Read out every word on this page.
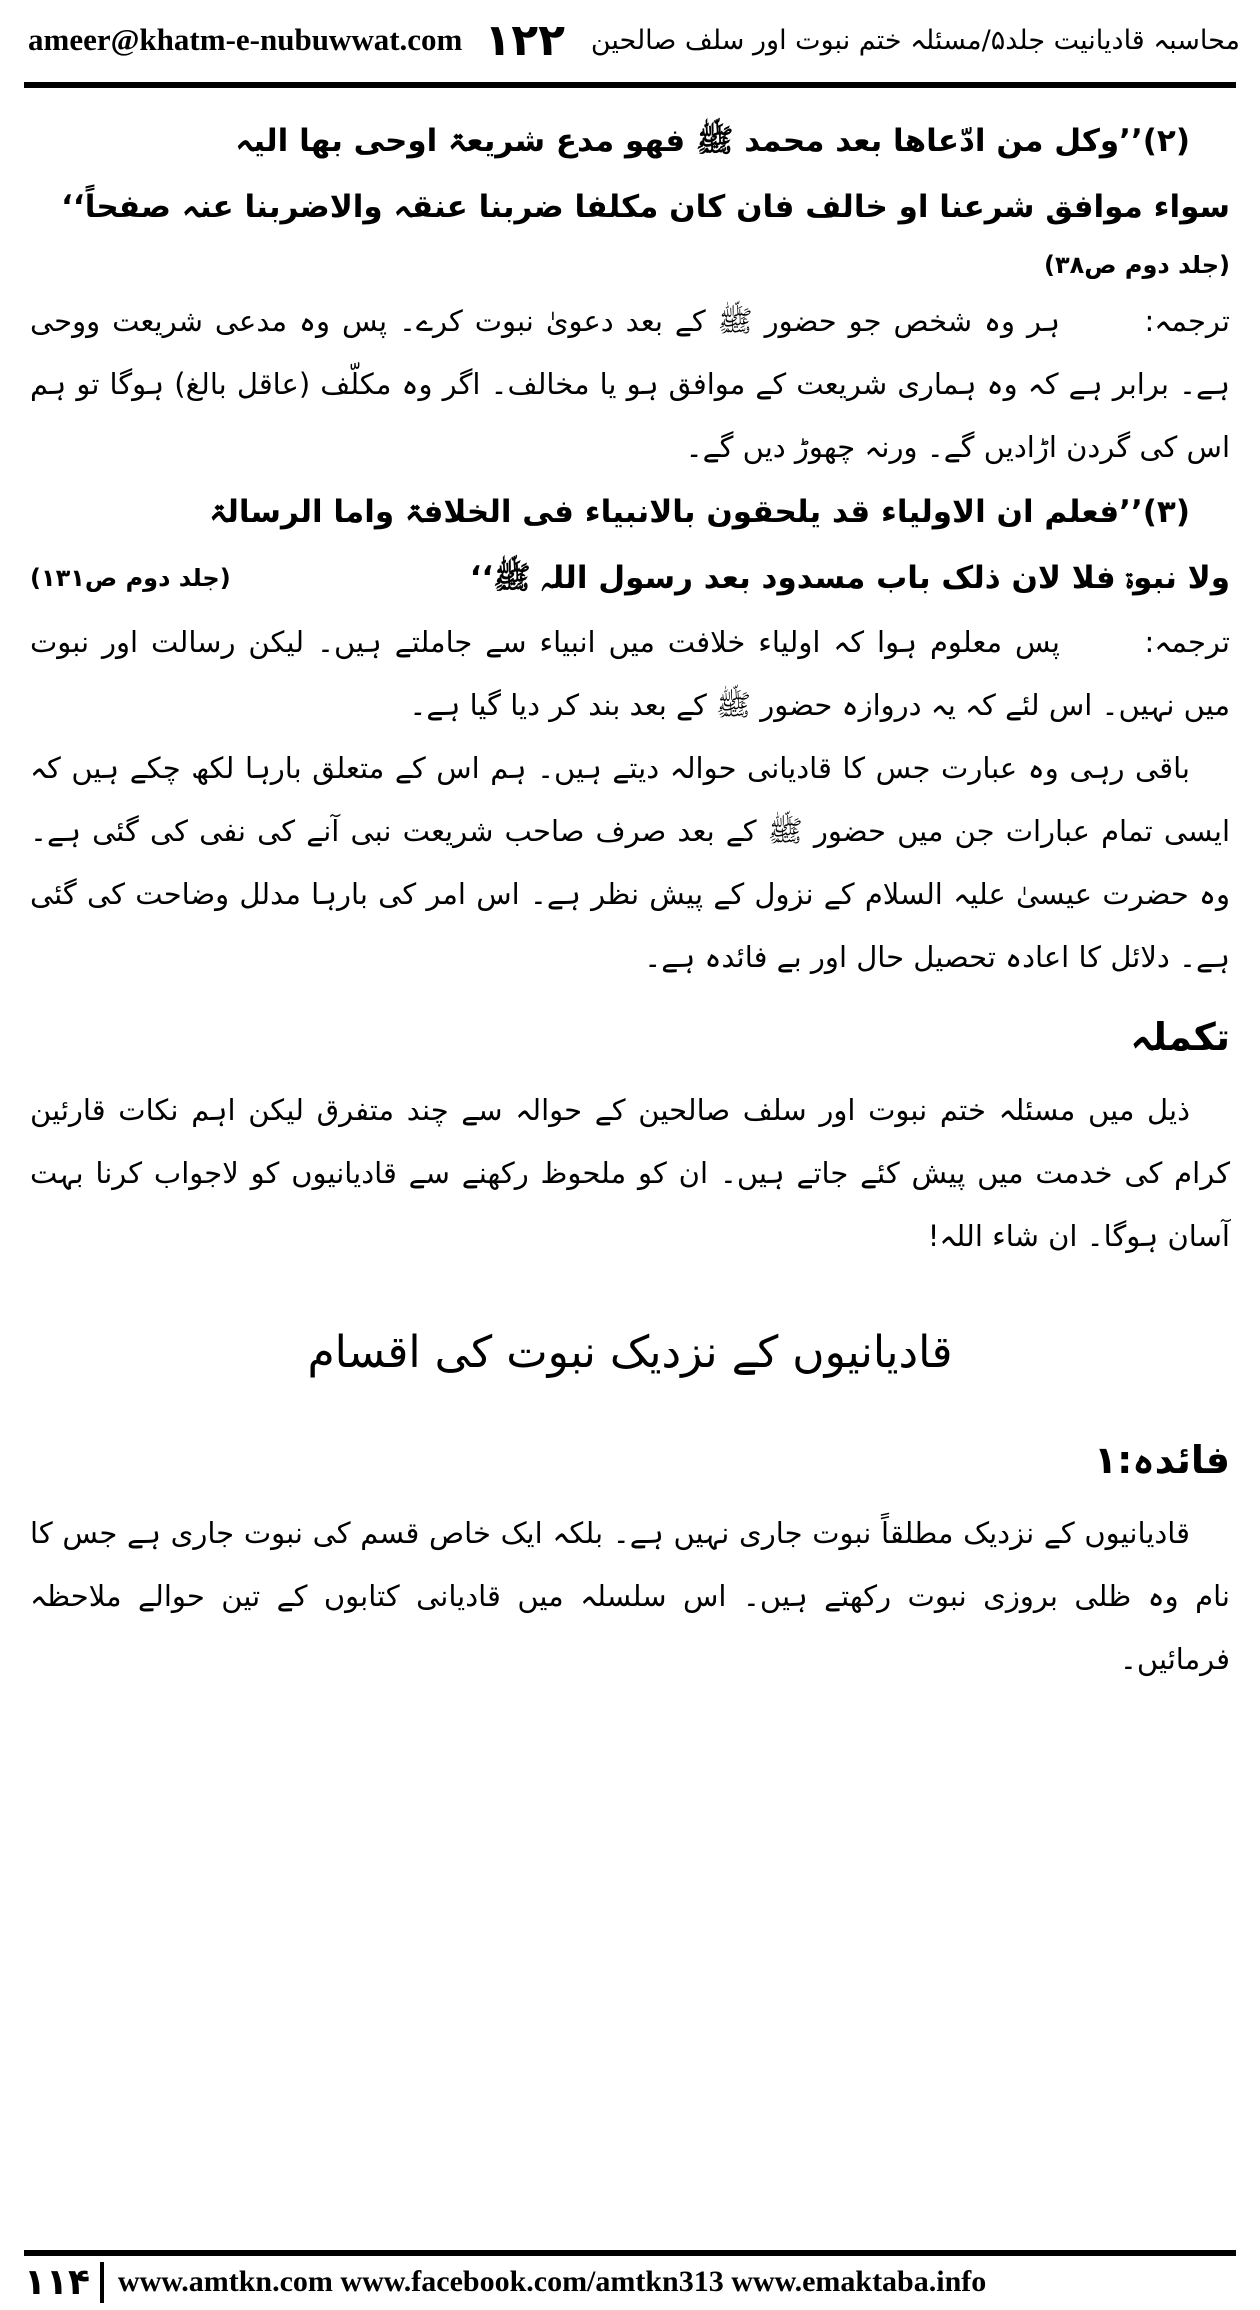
ameer@khatm-e-nubuwwat.com ۱۲۲ محاسبہ قادیانیت جلد۵/مسئلہ ختم نبوت اور سلف صالحین

(۲)’’وکل من ادّعاھا بعد محمد ﷺ فھو مدع شریعۃ اوحی بھا الیہ

سواء موافق شرعنا او خالف فان کان مکلفا ضربنا عنقہ والاضربنا عنہ صفحاً‘‘

(جلد دوم ص۳۸)

ترجمہ:ہر وہ شخص جو حضور ﷺ کے بعد دعویٰ نبوت کرے۔ پس وہ مدعی شریعت ووحی ہے۔ برابر ہے کہ وہ ہماری شریعت کے موافق ہو یا مخالف۔ اگر وہ مکلّف (عاقل بالغ) ہوگا تو ہم اس کی گردن اڑادیں گے۔ ورنہ چھوڑ دیں گے۔

(۳)’’فعلم ان الاولیاء قد یلحقون بالانبیاء فی الخلافۃ واما الرسالۃ

ولا نبوۃ فلا لان ذلک باب مسدود بعد رسول اللہ ﷺ‘‘
(جلد دوم ص۱۳۱)

ترجمہ:پس معلوم ہوا کہ اولیاء خلافت میں انبیاء سے جاملتے ہیں۔ لیکن رسالت اور نبوت میں نہیں۔ اس لئے کہ یہ دروازہ حضور ﷺ کے بعد بند کر دیا گیا ہے۔

باقی رہی وہ عبارت جس کا قادیانی حوالہ دیتے ہیں۔ ہم اس کے متعلق بارہا لکھ چکے ہیں کہ ایسی تمام عبارات جن میں حضور ﷺ کے بعد صرف صاحب شریعت نبی آنے کی نفی کی گئی ہے۔ وہ حضرت عیسیٰ علیہ السلام کے نزول کے پیش نظر ہے۔ اس امر کی بارہا مدلل وضاحت کی گئی ہے۔ دلائل کا اعادہ تحصیل حال اور بے فائدہ ہے۔

تکملہ

ذیل میں مسئلہ ختم نبوت اور سلف صالحین کے حوالہ سے چند متفرق لیکن اہم نکات قارئین کرام کی خدمت میں پیش کئے جاتے ہیں۔ ان کو ملحوظ رکھنے سے قادیانیوں کو لاجواب کرنا بہت آسان ہوگا۔ ان شاء اللہ!

قادیانیوں کے نزدیک نبوت کی اقسام

فائدہ:۱

قادیانیوں کے نزدیک مطلقاً نبوت جاری نہیں ہے۔ بلکہ ایک خاص قسم کی نبوت جاری ہے جس کا نام وہ ظلی بروزی نبوت رکھتے ہیں۔ اس سلسلہ میں قادیانی کتابوں کے تین حوالے ملاحظہ فرمائیں۔

۱۱۴ www.amtkn.com www.facebook.com/amtkn313 www.emaktaba.info
